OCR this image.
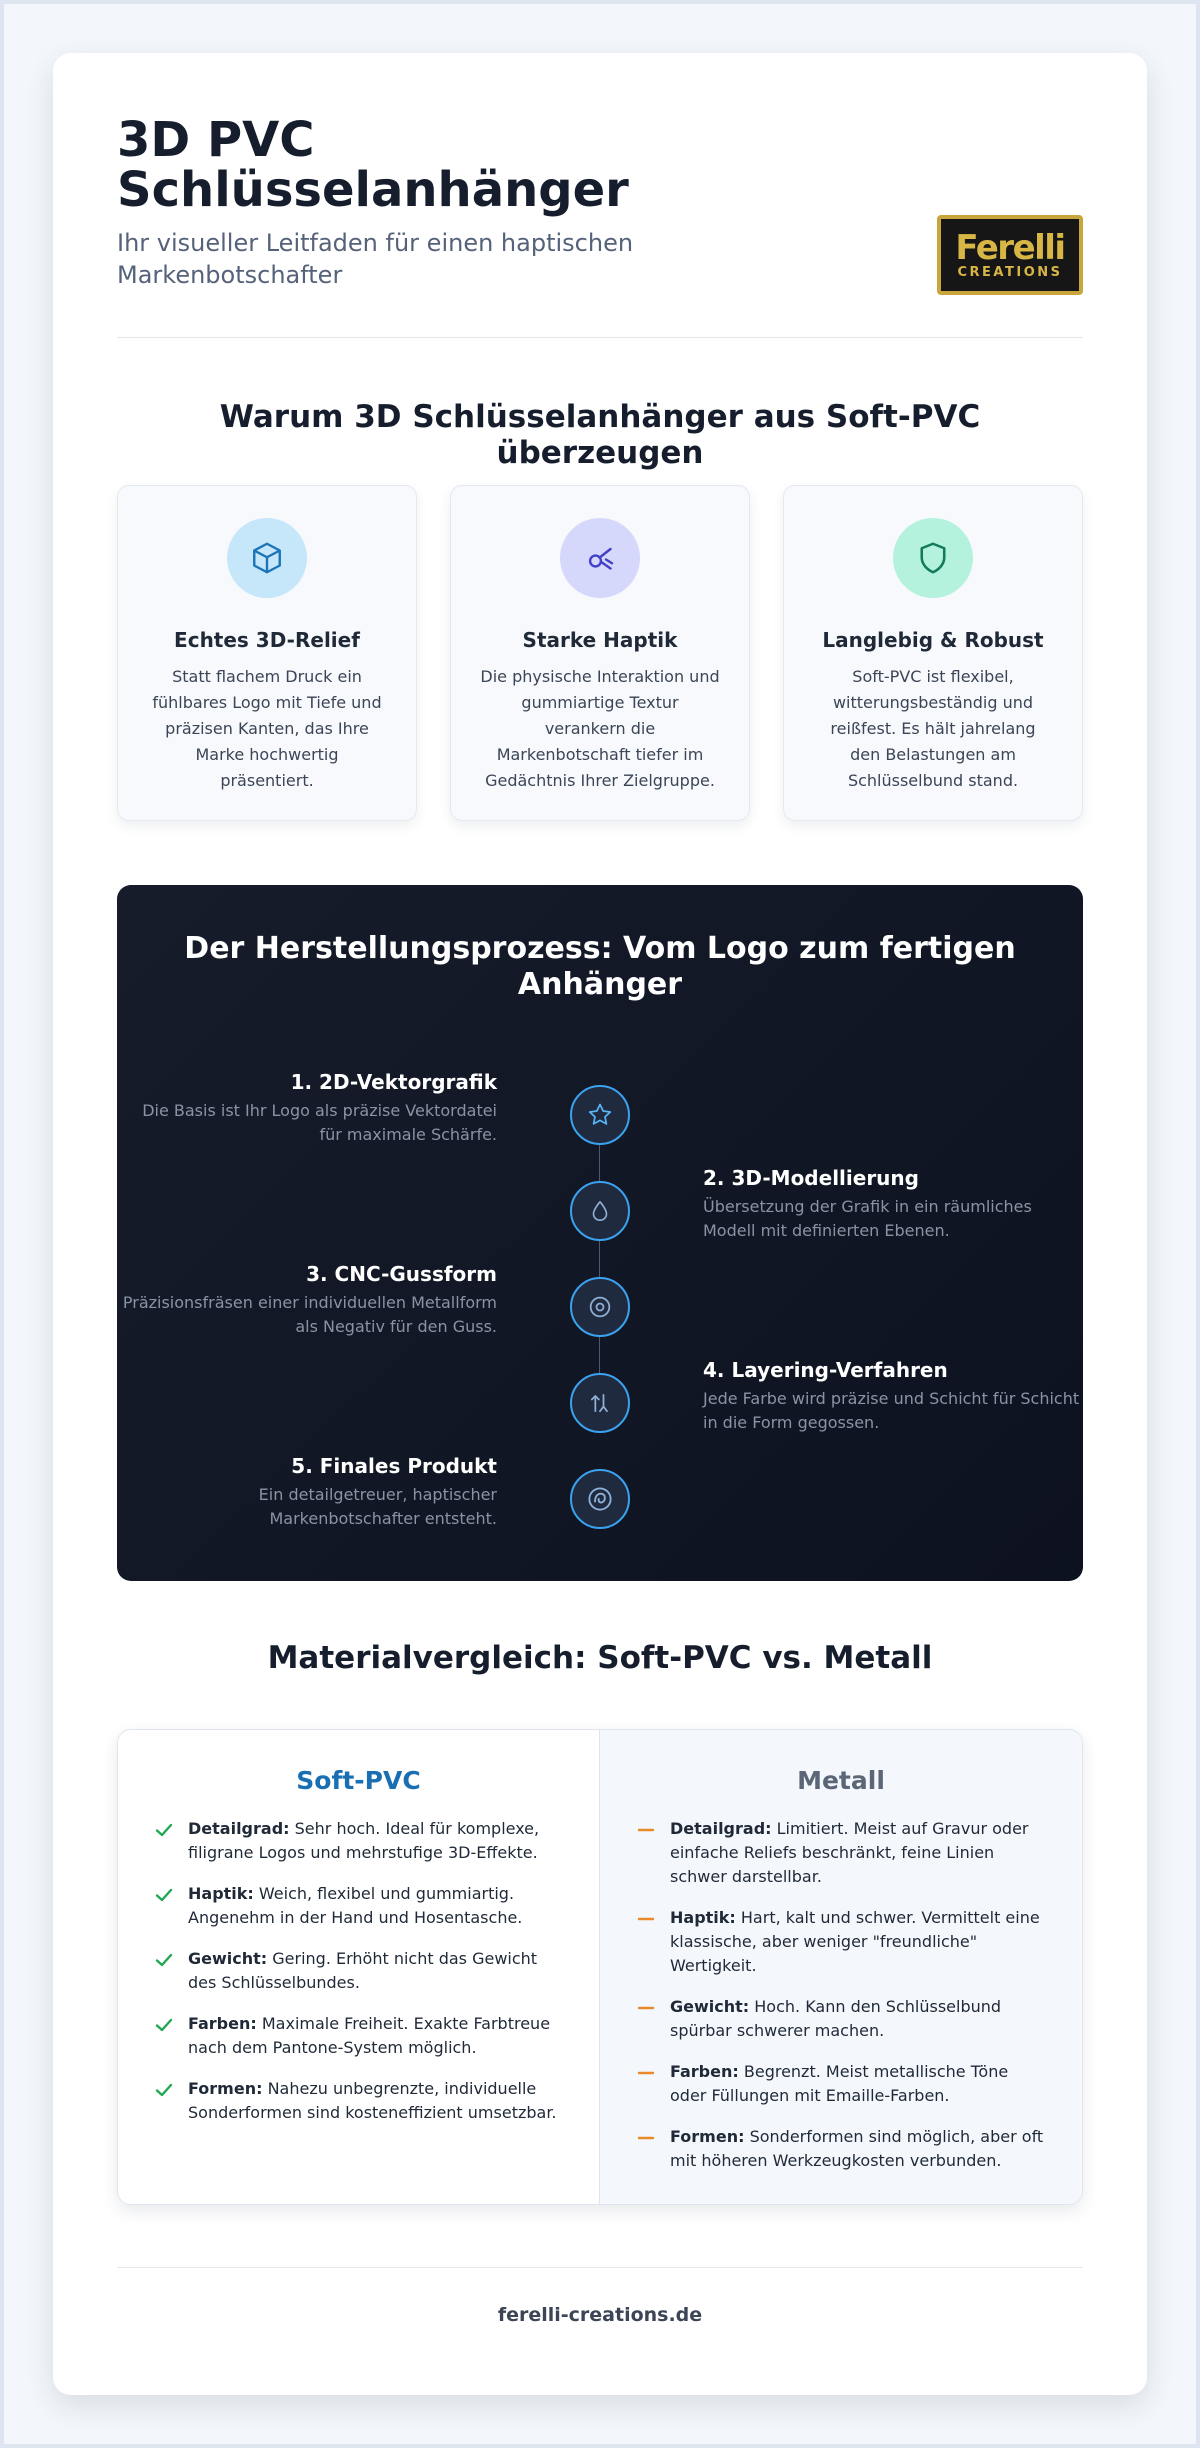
3D PVC Schlüsselanhänger

Ihr visueller Leitfaden für einen haptischen Markenbotschafter

Ferelli
CREATIONS
Warum 3D Schlüsselanhänger aus Soft-PVC überzeugen
Echtes 3D-Relief
Statt flachem Druck ein fühlbares Logo mit Tiefe und präzisen Kanten, das Ihre Marke hochwertig präsentiert.
Starke Haptik
Die physische Interaktion und gummiartige Textur verankern die Markenbotschaft tiefer im Gedächtnis Ihrer Zielgruppe.
Langlebig & Robust
Soft-PVC ist flexibel, witterungsbeständig und reißfest. Es hält jahrelang den Belastungen am Schlüsselbund stand.
Der Herstellungsprozess: Vom Logo zum fertigen Anhänger
1. 2D-Vektorgrafik
Die Basis ist Ihr Logo als präzise Vektordatei für maximale Schärfe.
2. 3D-Modellierung
Übersetzung der Grafik in ein räumliches Modell mit definierten Ebenen.
3. CNC-Gussform
Präzisionsfräsen einer individuellen Metallform als Negativ für den Guss.
4. Layering-Verfahren
Jede Farbe wird präzise und Schicht für Schicht in die Form gegossen.
5. Finales Produkt
Ein detailgetreuer, haptischer Markenbotschafter entsteht.
Materialvergleich: Soft-PVC vs. Metall
Soft-PVC
Detailgrad: Sehr hoch. Ideal für komplexe, filigrane Logos und mehrstufige 3D-Effekte.
Haptik: Weich, flexibel und gummiartig. Angenehm in der Hand und Hosentasche.
Gewicht: Gering. Erhöht nicht das Gewicht des Schlüsselbundes.
Farben: Maximale Freiheit. Exakte Farbtreue nach dem Pantone-System möglich.
Formen: Nahezu unbegrenzte, individuelle Sonderformen sind kosteneffizient umsetzbar.
Metall
Detailgrad: Limitiert. Meist auf Gravur oder einfache Reliefs beschränkt, feine Linien schwer darstellbar.
Haptik: Hart, kalt und schwer. Vermittelt eine klassische, aber weniger "freundliche" Wertigkeit.
Gewicht: Hoch. Kann den Schlüsselbund spürbar schwerer machen.
Farben: Begrenzt. Meist metallische Töne oder Füllungen mit Emaille-Farben.
Formen: Sonderformen sind möglich, aber oft mit höheren Werkzeugkosten verbunden.
ferelli-creations.de
